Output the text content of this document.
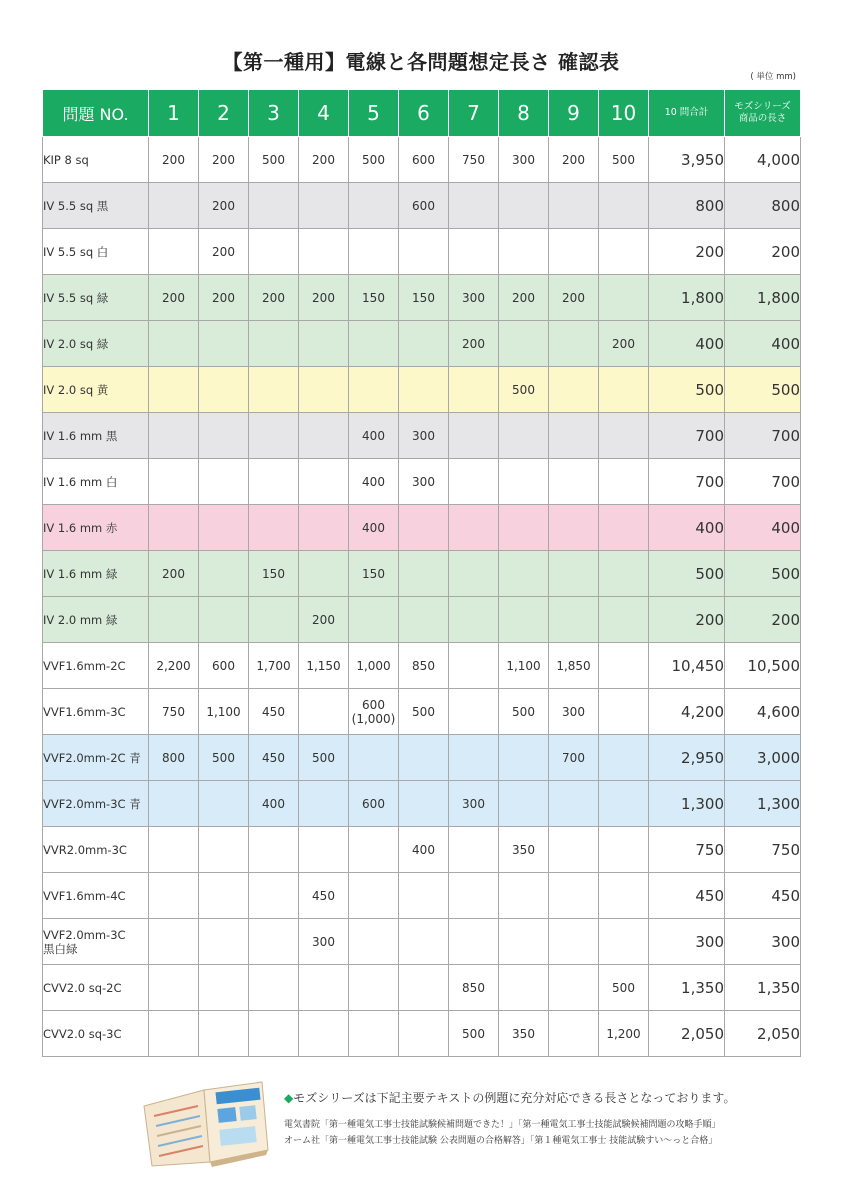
【第一種用】電線と各問題想定長さ 確認表
( 単位 mm)
問題 NO.	1	2	3	4	5	6	7	8	9	10	10 問合計	モズシリーズ
商品の長さ

KIP 8 sq	200	200	500	200	500	600	750	300	200	500	3,950	4,000
IV 5.5 sq 黒		200				600					800	800
IV 5.5 sq 白		200									200	200
IV 5.5 sq 緑	200	200	200	200	150	150	300	200	200		1,800	1,800
IV 2.0 sq 緑							200			200	400	400
IV 2.0 sq 黄								500			500	500
IV 1.6 mm 黒					400	300					700	700
IV 1.6 mm 白					400	300					700	700
IV 1.6 mm 赤					400						400	400
IV 1.6 mm 緑	200		150		150						500	500
IV 2.0 mm 緑				200							200	200
VVF1.6mm-2C	2,200	600	1,700	1,150	1,000	850		1,100	1,850		10,450	10,500
VVF1.6mm-3C	750	1,100	450		600
(1,000)	500		500	300		4,200	4,600
VVF2.0mm-2C 青	800	500	450	500					700		2,950	3,000
VVF2.0mm-3C 青			400		600		300				1,300	1,300
VVR2.0mm-3C						400		350			750	750
VVF1.6mm-4C				450							450	450
VVF2.0mm-3C
黒白緑				300							300	300
CVV2.0 sq-2C							850			500	1,350	1,350
CVV2.0 sq-3C							500	350		1,200	2,050	2,050
◆モズシリーズは下記主要テキストの例題に充分対応できる長さとなっております。
電気書院「第一種電気工事士技能試験候補問題できた！」「第一種電気工事士技能試験候補問題の攻略手順」
オーム社「第一種電気工事士技能試験 公表問題の合格解答」「第１種電気工事士 技能試験すい～っと合格」
